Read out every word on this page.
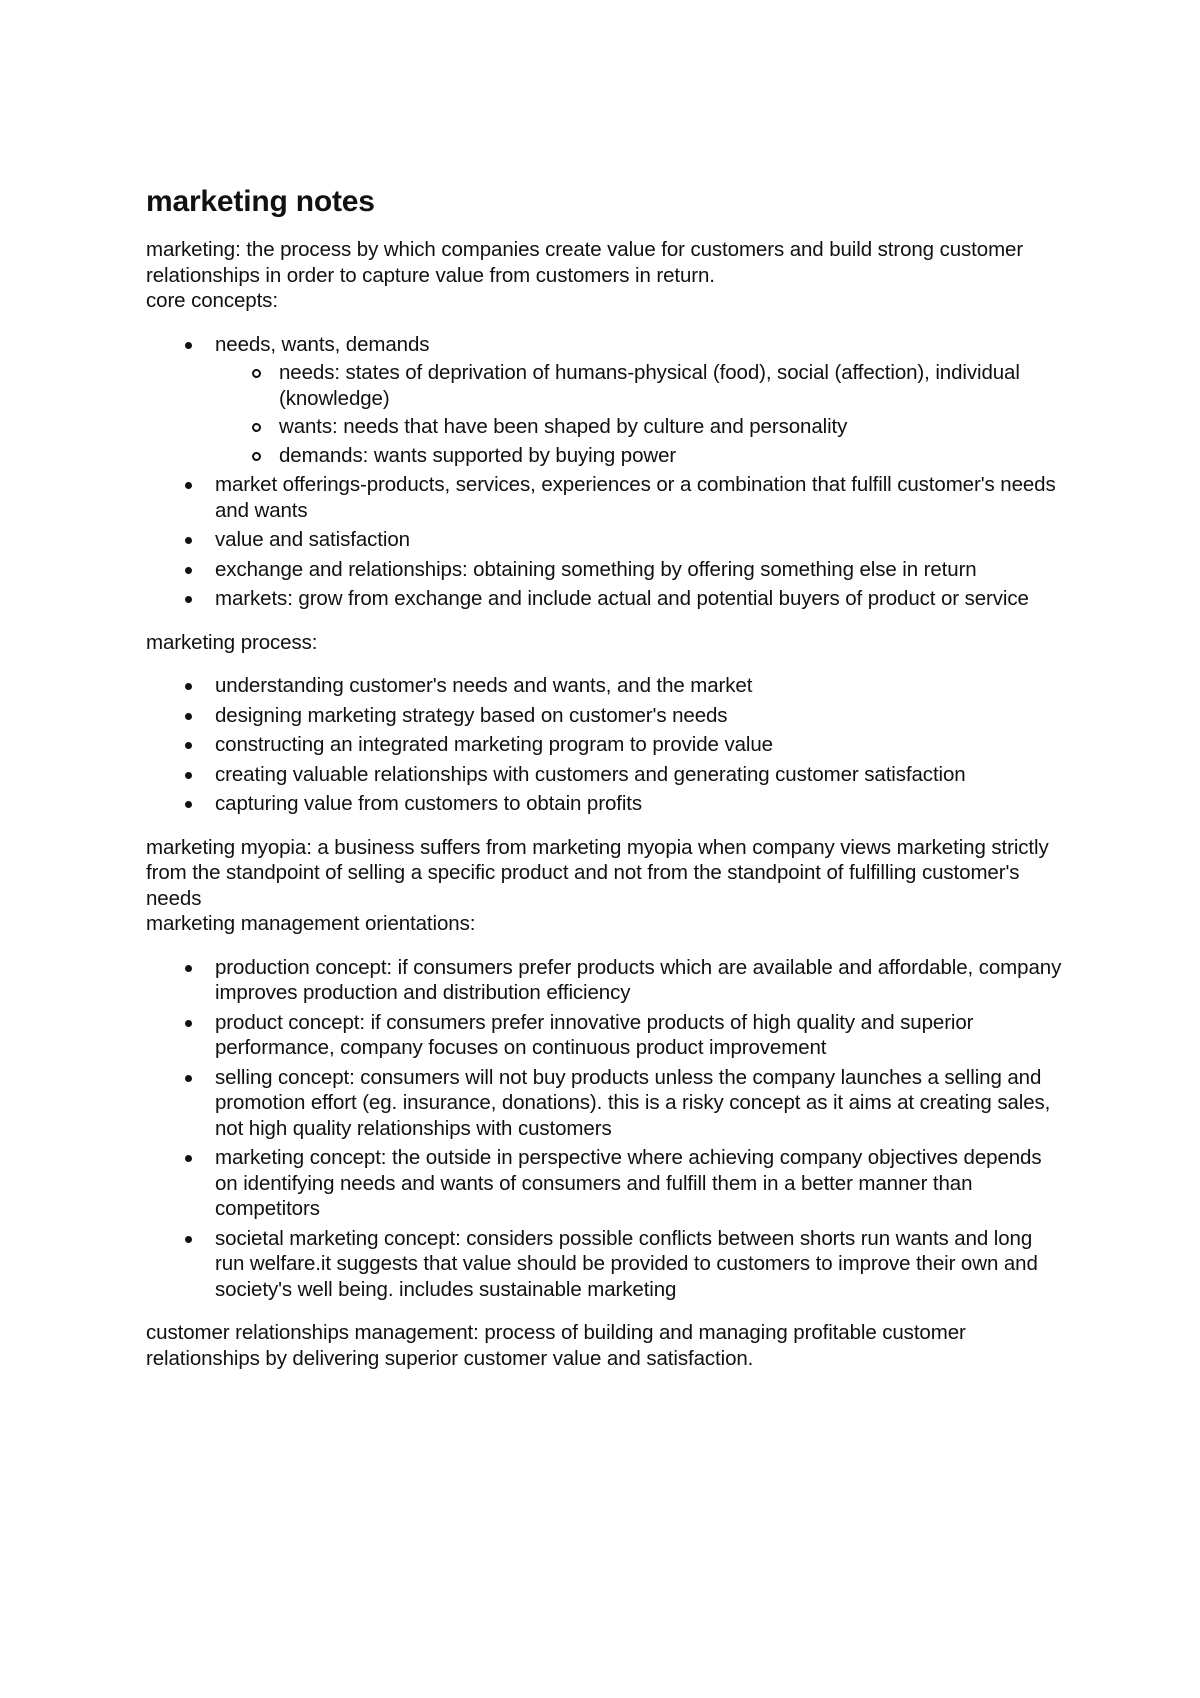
marketing notes

marketing: the process by which companies create value for customers and build strong customer relationships in order to capture value from customers in return.

core concepts:

needs, wants, demands
needs: states of deprivation of humans-physical (food), social (affection), individual (knowledge)
wants: needs that have been shaped by culture and personality
demands: wants supported by buying power
market offerings-products, services, experiences or a combination that fulfill customer's needs and wants
value and satisfaction
exchange and relationships: obtaining something by offering something else in return
markets: grow from exchange and include actual and potential buyers of product or service

marketing process:

understanding customer's needs and wants, and the market
designing marketing strategy based on customer's needs
constructing an integrated marketing program to provide value
creating valuable relationships with customers and generating customer satisfaction
capturing value from customers to obtain profits

marketing myopia: a business suffers from marketing myopia when company views marketing strictly from the standpoint of selling a specific product and not from the standpoint of fulfilling customer's needs

marketing management orientations:

production concept: if consumers prefer products which are available and affordable, company improves production and distribution efficiency
product concept: if consumers prefer innovative products of high quality and superior performance, company focuses on continuous product improvement
selling concept: consumers will not buy products unless the company launches a selling and promotion effort (eg. insurance, donations). this is a risky concept as it aims at creating sales, not high quality relationships with customers
marketing concept: the outside in perspective where achieving company objectives depends on identifying needs and wants of consumers and fulfill them in a better manner than competitors
societal marketing concept: considers possible conflicts between shorts run wants and long run welfare.it suggests that value should be provided to customers to improve their own and society's well being. includes sustainable marketing

customer relationships management: process of building and managing profitable customer relationships by delivering superior customer value and satisfaction.
